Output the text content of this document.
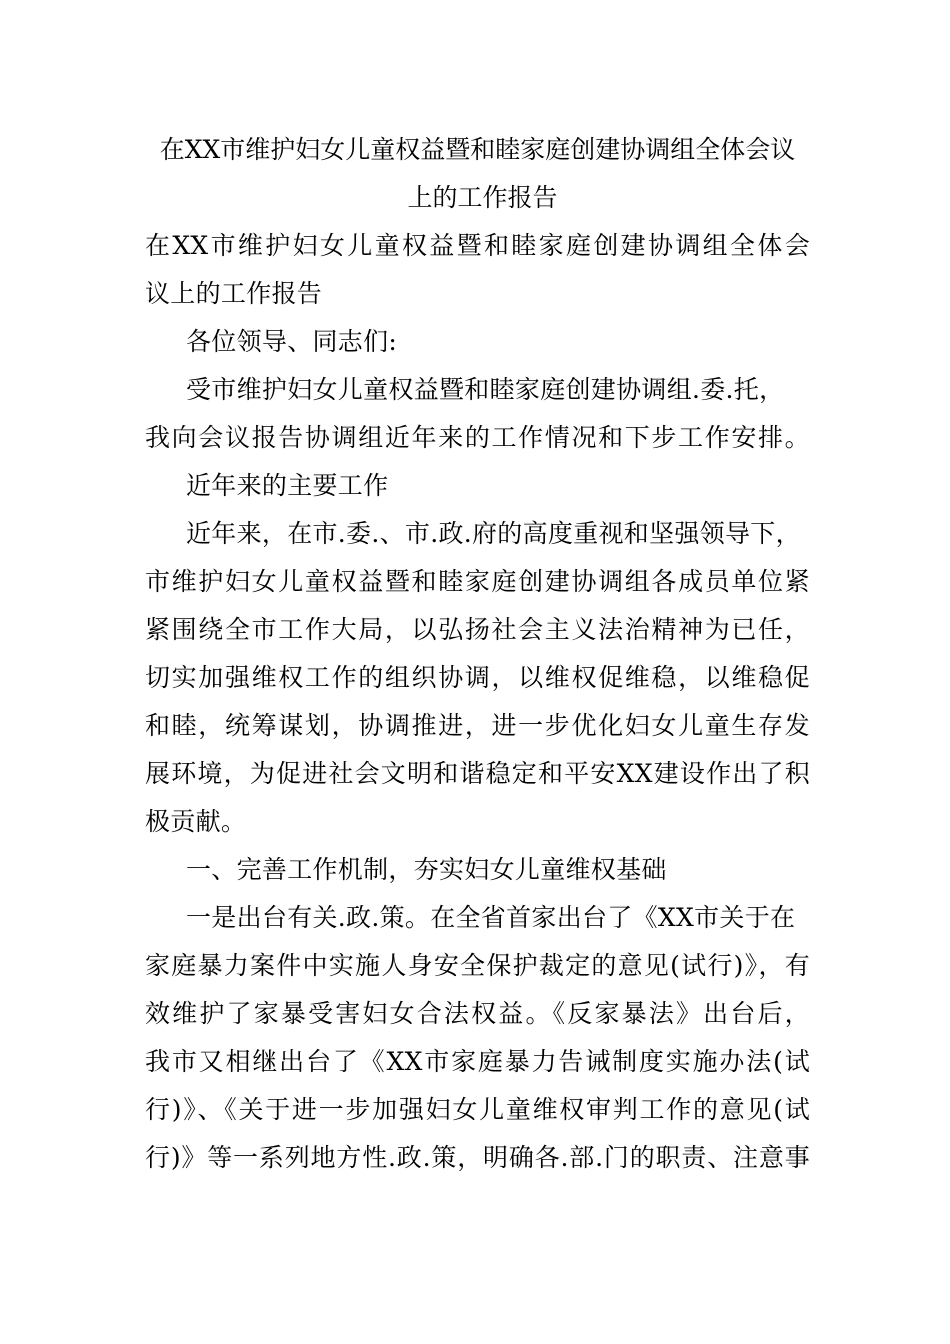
在XX市维护妇女儿童权益暨和睦家庭创建协调组全体会议
上的工作报告
在XX市维护妇女儿童权益暨和睦家庭创建协调组全体会
议上的工作报告
各位领导、同志们:
受市维护妇女儿童权益暨和睦家庭创建协调组.委.托，
我向会议报告协调组近年来的工作情况和下步工作安排。
近年来的主要工作
近年来，在市.委.、市.政.府的高度重视和坚强领导下，
市维护妇女儿童权益暨和睦家庭创建协调组各成员单位紧
紧围绕全市工作大局，以弘扬社会主义法治精神为已任，
切实加强维权工作的组织协调，以维权促维稳，以维稳促
和睦，统筹谋划，协调推进，进一步优化妇女儿童生存发
展环境，为促进社会文明和谐稳定和平安XX建设作出了积
极贡献。
一、完善工作机制，夯实妇女儿童维权基础
一是出台有关.政.策。在全省首家出台了《XX市关于在
家庭暴力案件中实施人身安全保护裁定的意见(试行)》，有
效维护了家暴受害妇女合法权益。《反家暴法》出台后，
我市又相继出台了《XX市家庭暴力告诫制度实施办法(试
行)》、《关于进一步加强妇女儿童维权审判工作的意见(试
行)》等一系列地方性.政.策，明确各.部.门的职责、注意事
